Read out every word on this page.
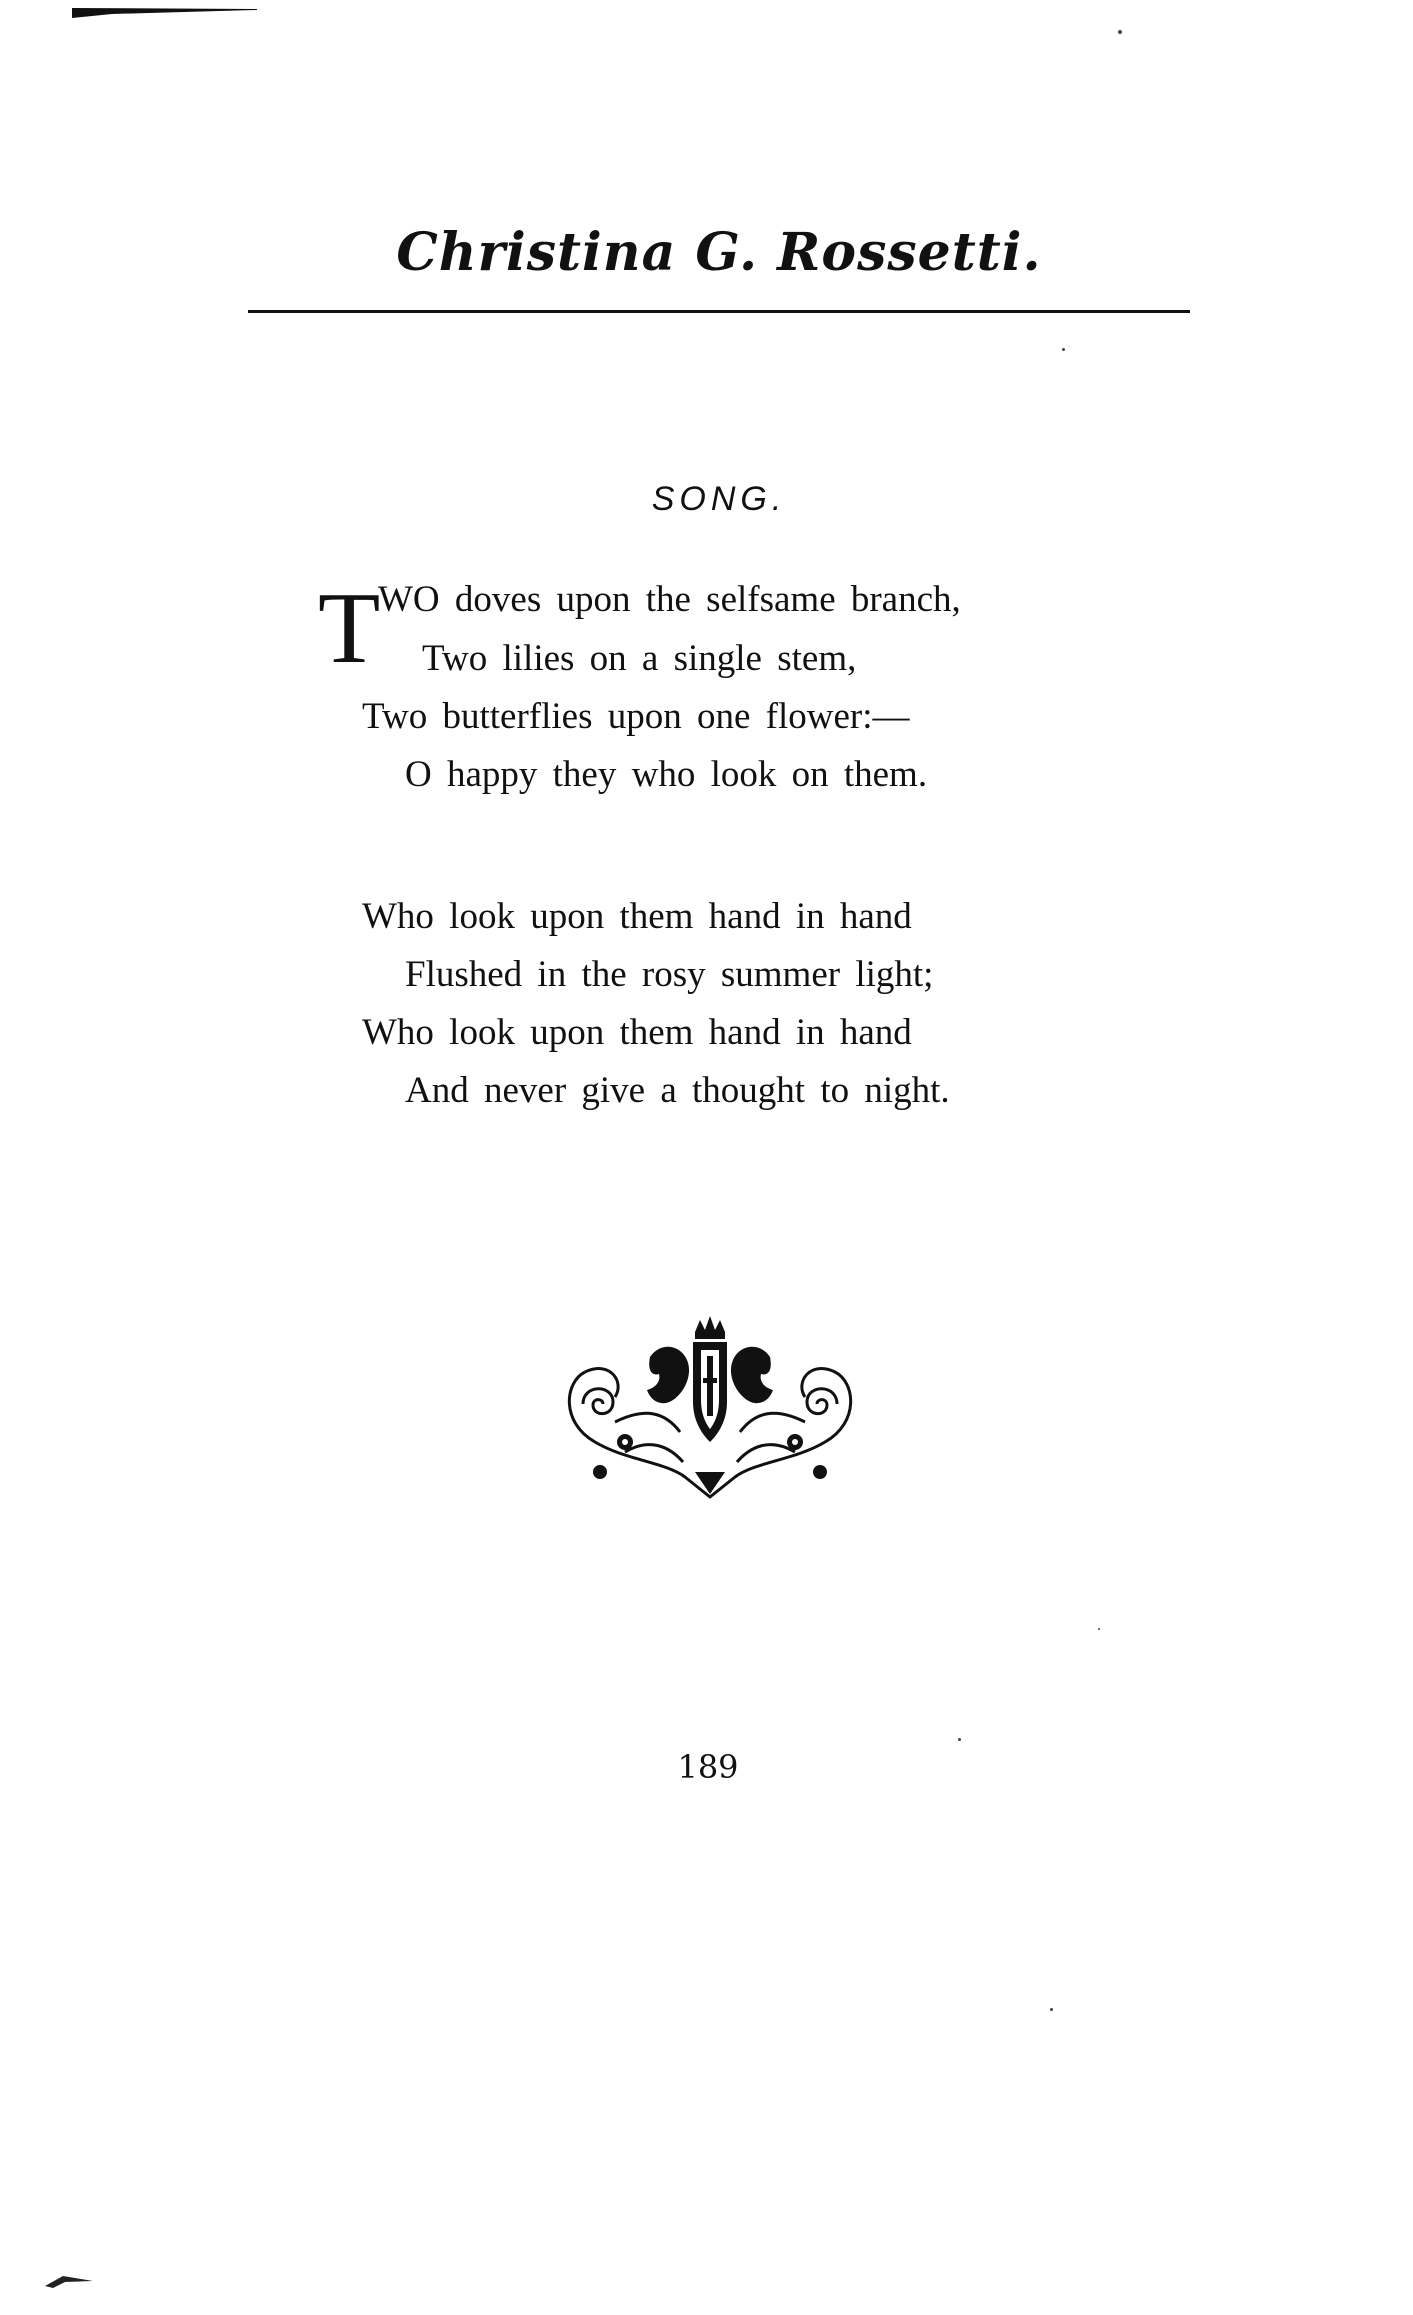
Christina G. Rossetti.
SONG.
T
WO doves upon the selfsame branch,
Two lilies on a single stem,
Two butterflies upon one flower:—
O happy they who look on them.
Who look upon them hand in hand
Flushed in the rosy summer light;
Who look upon them hand in hand
And never give a thought to night.
189
